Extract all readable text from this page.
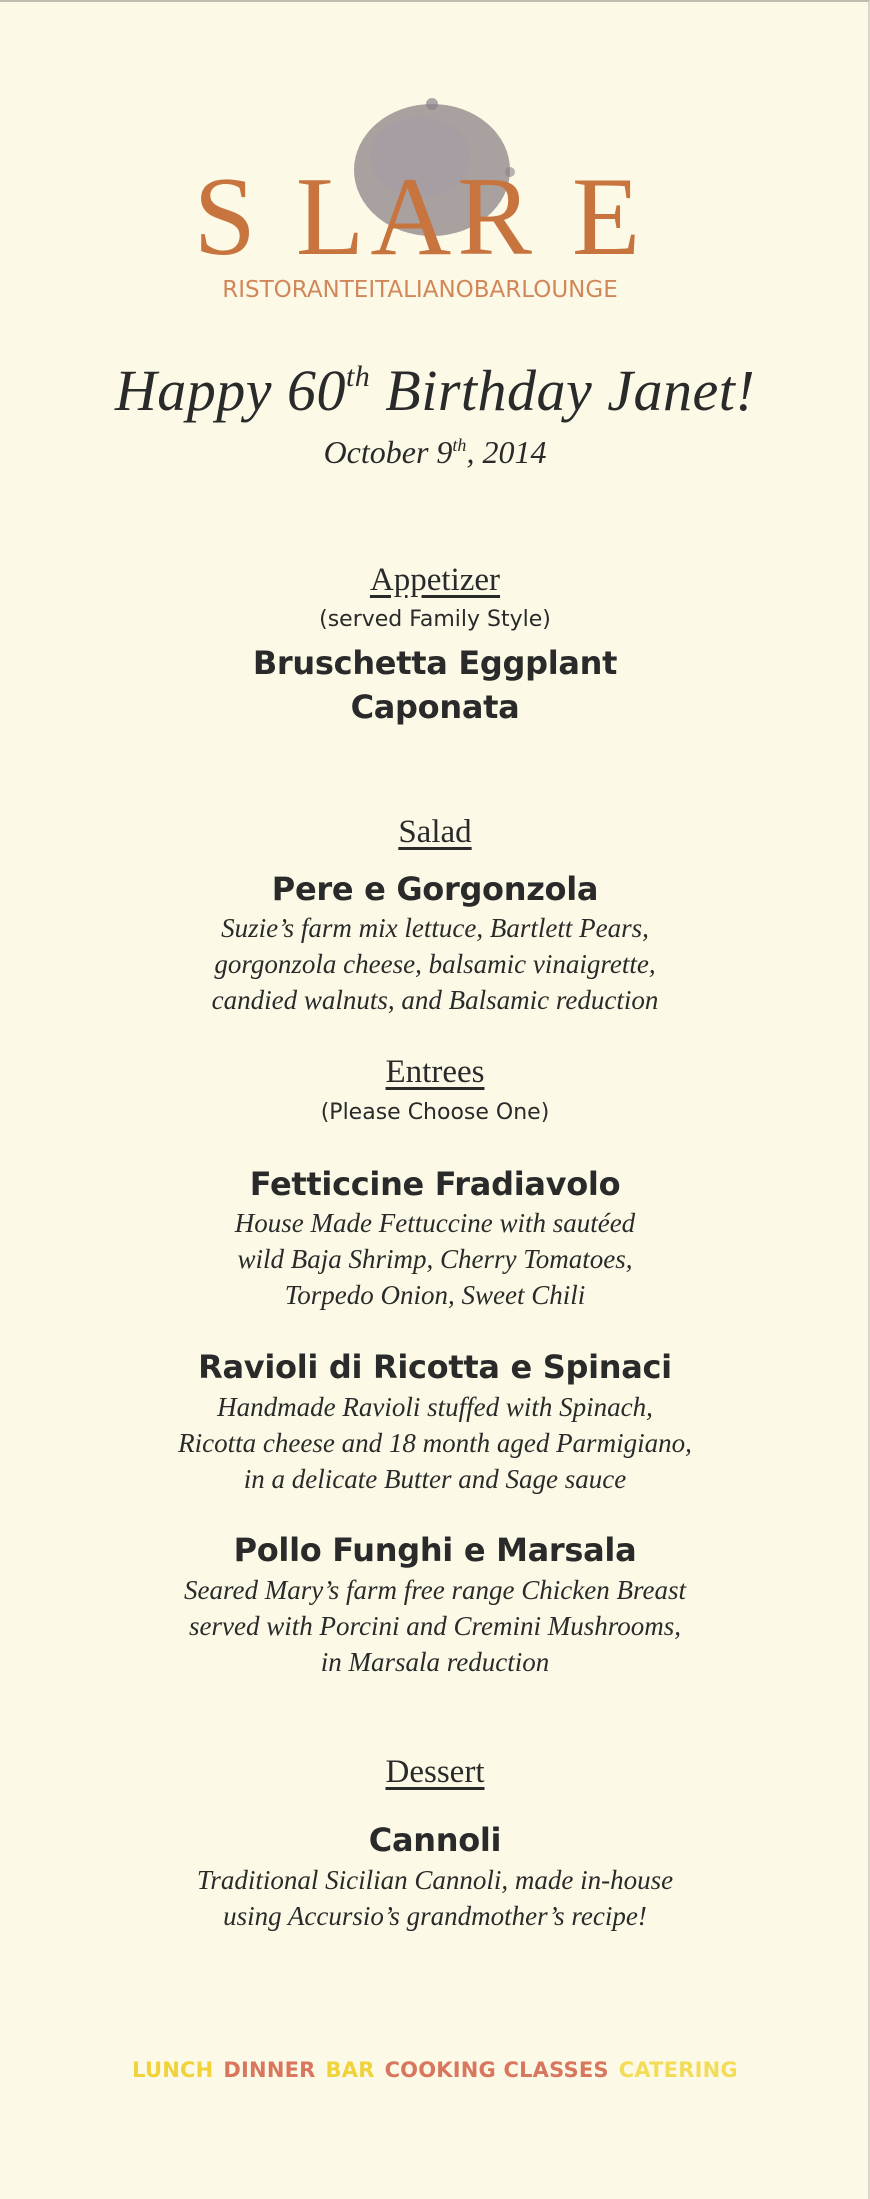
S LAR E
RISTORANTEITALIANOBARLOUNGE
Happy 60th Birthday Janet!
October 9th, 2014
Appetizer
(served Family Style)
Bruschetta Eggplant
Caponata
Salad
Pere e Gorgonzola
Suzie’s farm mix lettuce, Bartlett Pears,
gorgonzola cheese, balsamic vinaigrette,
candied walnuts, and Balsamic reduction
Entrees
(Please Choose One)
Fetticcine Fradiavolo
House Made Fettuccine with sautéed
wild Baja Shrimp, Cherry Tomatoes,
Torpedo Onion, Sweet Chili
Ravioli di Ricotta e Spinaci
Handmade Ravioli stuffed with Spinach,
Ricotta cheese and 18 month aged Parmigiano,
in a delicate Butter and Sage sauce
Pollo Funghi e Marsala
Seared Mary’s farm free range Chicken Breast
served with Porcini and Cremini Mushrooms,
in Marsala reduction
Dessert
Cannoli
Traditional Sicilian Cannoli, made in-house
using Accursio’s grandmother’s recipe!
LUNCH DINNER BAR COOKING CLASSES CATERING
